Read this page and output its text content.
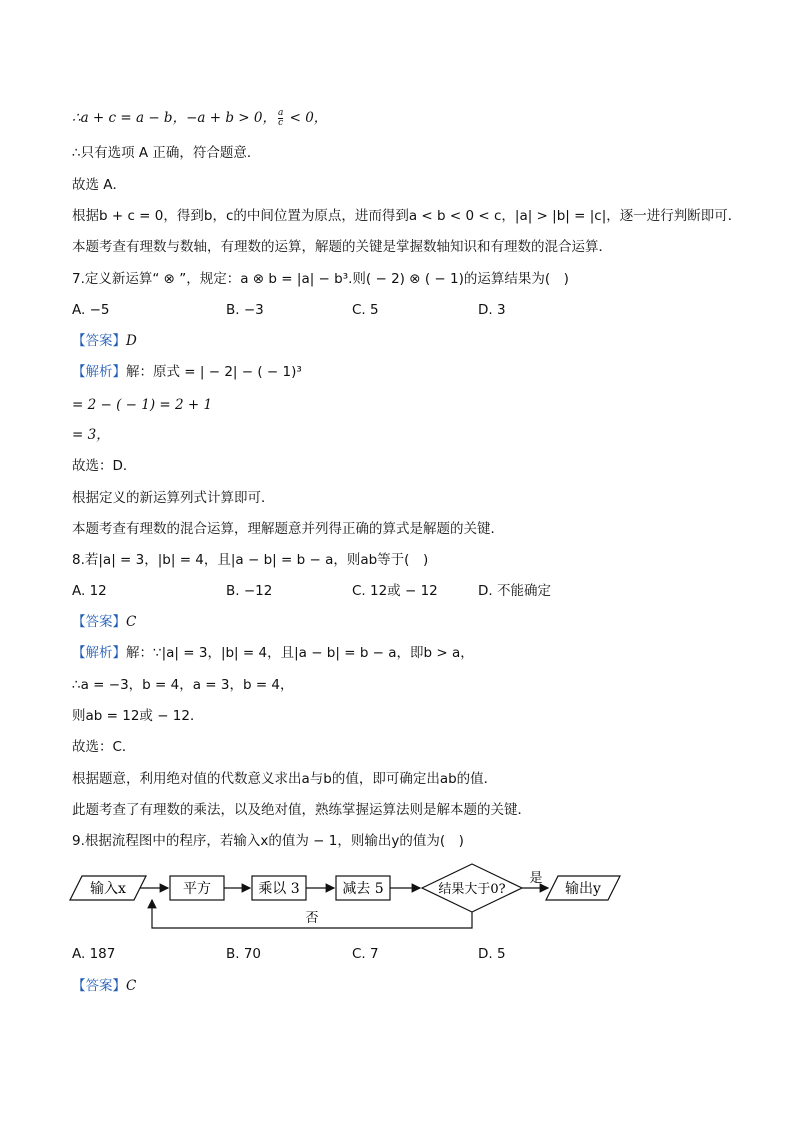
∴a + c = a − b，−a + b > 0， $\frac{a}{c} < 0$，
∴只有选项 A 正确，符合题意．
故选 A．
根据b + c = 0，得到b，c的中间位置为原点，进而得到a < b < 0 < c，|a| > |b| = |c|，逐一进行判断即可．
本题考查有理数与数轴，有理数的运算，解题的关键是掌握数轴知识和有理数的混合运算．
7.定义新运算“ ⊗ ”，规定：a ⊗ b = |a| − b³.则( − 2) ⊗ ( − 1)的运算结果为(　)
A. −5	B. −3	C. 5	D. 3
【答案】D
【解析】解：原式 = | − 2| − ( − 1)³
= 2 − ( − 1) = 2 + 1
= 3，
故选：D．
根据定义的新运算列式计算即可．
本题考查有理数的混合运算，理解题意并列得正确的算式是解题的关键．
8.若|a| = 3，|b| = 4，且|a − b| = b − a，则ab等于(　)
A. 12	B. −12	C. 12或 − 12	D. 不能确定
【答案】C
【解析】解：∵|a| = 3，|b| = 4，且|a − b| = b − a，即b > a，
∴a = −3，b = 4，a = 3，b = 4，
则ab = 12或 − 12．
故选：C．
根据题意，利用绝对值的代数意义求出a与b的值，即可确定出ab的值．
此题考查了有理数的乘法，以及绝对值，熟练掌握运算法则是解本题的关键．
9.根据流程图中的程序，若输入x的值为 − 1，则输出y的值为(　)
输入x	平方	乘以 3	减去 5	结果大于0?
是
输出y
否
A. 187	B. 70	C. 7	D. 5
【答案】C
